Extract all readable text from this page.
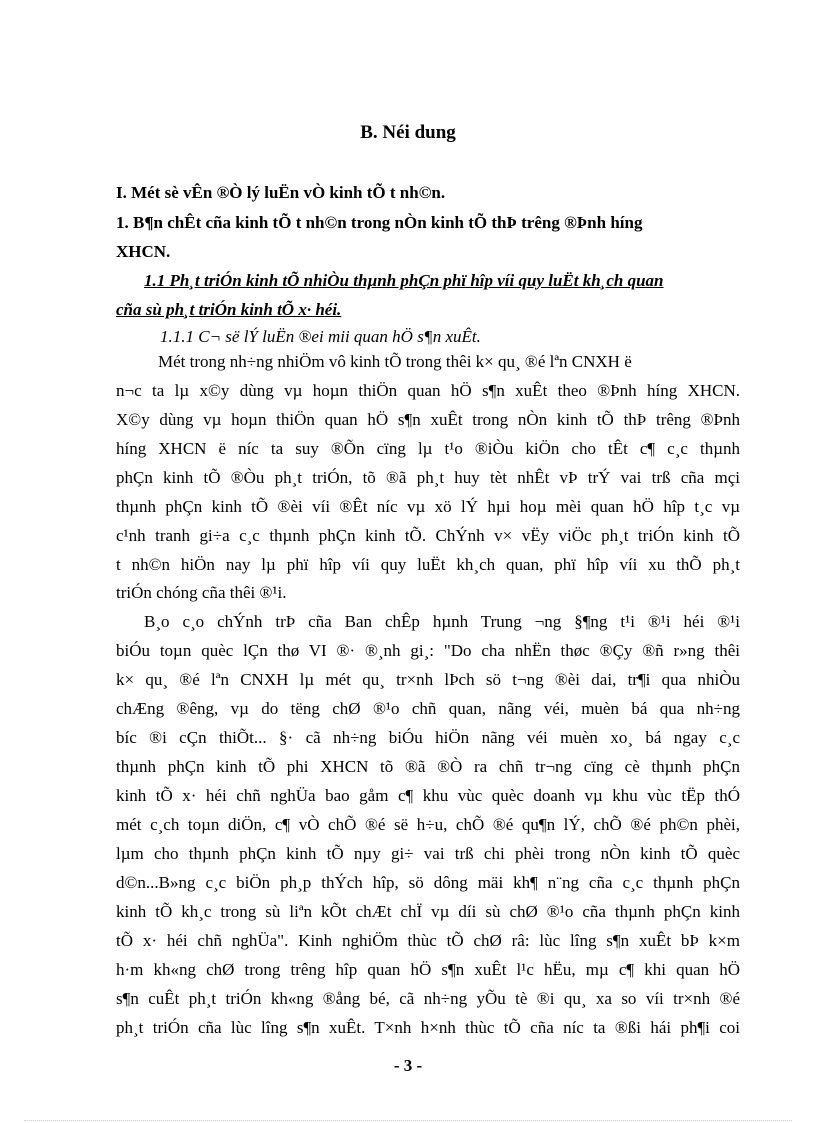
B. Néi dung
I. Mét sè vÊn ®Ò lý luËn vÒ kinh tÕ t nh©n.
1. B¶n chÊt cña kinh tÕ t nh©n trong nÒn kinh tÕ thÞ trêng ®Þnh híng
XHCN.
1.1 Ph¸t triÓn kinh tÕ nhiÒu thµnh phÇn phï hîp víi quy luËt kh¸ch quan
cña sù ph¸t triÓn kinh tÕ x· héi.
1.1.1 C¬ së lÝ luËn ®ei mii quan hÖ s¶n xuÊt.
Mét trong nh÷ng nhiÖm vô kinh tÕ trong thêi k× qu¸ ®é lªn CNXH ë
n¬c ta lµ x©y dùng vµ hoµn thiÖn quan hÖ s¶n xuÊt theo ®Þnh híng XHCN.
X©y dùng vµ hoµn thiÖn quan hÖ s¶n xuÊt trong nÒn kinh tÕ thÞ trêng ®Þnh
híng XHCN ë níc ta suy ®Õn cïng lµ t¹o ®iÒu kiÖn cho tÊt c¶ c¸c thµnh
phÇn kinh tÕ ®Òu ph¸t triÓn, tõ ®ã ph¸t huy tèt nhÊt vÞ trÝ vai trß cña mçi
thµnh phÇn kinh tÕ ®èi víi ®Êt níc vµ xö lÝ hµi hoµ mèi quan hÖ hîp t¸c vµ
c¹nh tranh gi÷a c¸c thµnh phÇn kinh tÕ. ChÝnh v× vËy viÖc ph¸t triÓn kinh tÕ
t nh©n hiÖn nay lµ phï hîp víi quy luËt kh¸ch quan, phï hîp víi xu thÕ ph¸t
triÓn chóng cña thêi ®¹i.
B¸o c¸o chÝnh trÞ cña Ban chÊp hµnh Trung ¬ng §¶ng t¹i ®¹i héi ®¹i
biÓu toµn quèc lÇn thø VI ®· ®¸nh gi¸: "Do cha nhËn thøc ®Çy ®ñ r»ng thêi
k× qu¸ ®é lªn CNXH lµ mét qu¸ tr×nh lÞch sö t¬ng ®èi dai, tr¶i qua nhiÒu
chÆng ®êng, vµ do tëng chØ ®¹o chñ quan, nãng véi, muèn bá qua nh÷ng
bíc ®i cÇn thiÕt... §· cã nh÷ng biÓu hiÖn nãng véi muèn xo¸ bá ngay c¸c
thµnh phÇn kinh tÕ phi XHCN tõ ®ã ®Ò ra chñ tr¬ng cïng cè thµnh phÇn
kinh tÕ x· héi chñ nghÜa bao gåm c¶ khu vùc quèc doanh vµ khu vùc tËp thÓ
mét c¸ch toµn diÖn, c¶ vÒ chÕ ®é së h÷u, chÕ ®é qu¶n lÝ, chÕ ®é ph©n phèi,
lµm cho thµnh phÇn kinh tÕ nµy gi÷ vai trß chi phèi trong nÒn kinh tÕ quèc
d©n...B»ng c¸c biÖn ph¸p thÝch hîp, sö dông mäi kh¶ n¨ng cña c¸c thµnh phÇn
kinh tÕ kh¸c trong sù liªn kÕt chÆt chÏ vµ díi sù chØ ®¹o cña thµnh phÇn kinh
tÕ x· héi chñ nghÜa". Kinh nghiÖm thùc tÕ chØ râ: lùc lîng s¶n xuÊt bÞ k×m
h·m kh«ng chØ trong trêng hîp quan hÖ s¶n xuÊt l¹c hËu, mµ c¶ khi quan hÖ
s¶n cuÊt ph¸t triÓn kh«ng ®ång bé, cã nh÷ng yÕu tè ®i qu¸ xa so víi tr×nh ®é
ph¸t triÓn cña lùc lîng s¶n xuÊt. T×nh h×nh thùc tÕ cña níc ta ®ßi hái ph¶i coi
- 3 -
